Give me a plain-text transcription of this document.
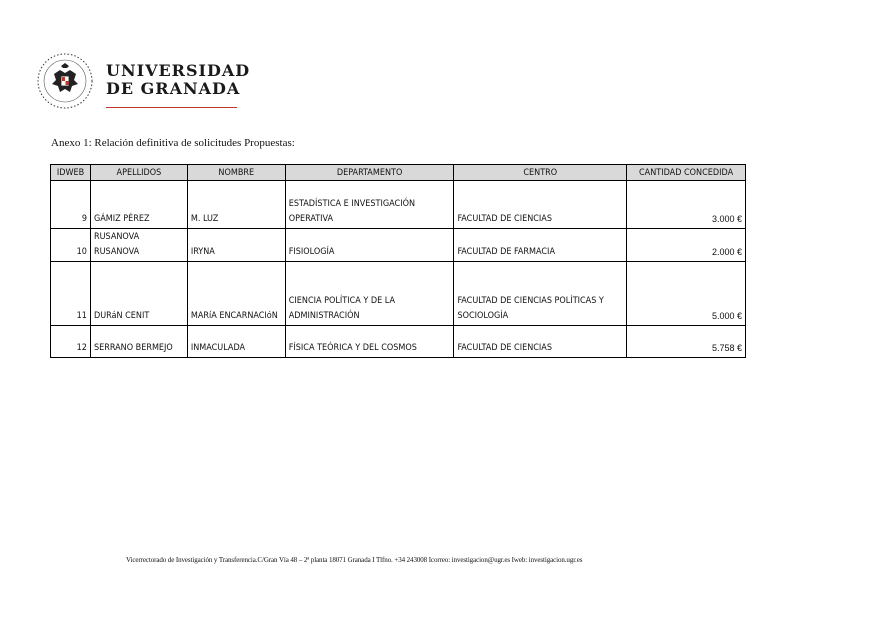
UNIVERSIDAD
DE GRANADA
Anexo 1: Relación definitiva de solicitudes Propuestas:
IDWEB	APELLIDOS	NOMBRE	DEPARTAMENTO	CENTRO	CANTIDAD CONCEDIDA
9	GÁMIZ PÉREZ	M. LUZ	ESTADÍSTICA E INVESTIGACIÓN OPERATIVA	FACULTAD DE CIENCIAS	3.000 €
10	RUSANOVA RUSANOVA	IRYNA	FISIOLOGÍA	FACULTAD DE FARMACIA	2.000 €
11	DURáN CENIT	MARíA ENCARNACIóN	CIENCIA POLÍTICA Y DE LA ADMINISTRACIÓN	FACULTAD DE CIENCIAS POLÍTICAS Y SOCIOLOGÍA	5.000 €
12	SERRANO BERMEJO	INMACULADA	FÍSICA TEÓRICA Y DEL COSMOS	FACULTAD DE CIENCIAS	5.758 €
Vicerrectorado de Investigación y Transferencia.C/Gran Vía 48 – 2ª planta 18071 Granada I Tlfno. +34 243008 Icorreo: investigacion@ugr.es Iweb: investigacion.ugr.es
